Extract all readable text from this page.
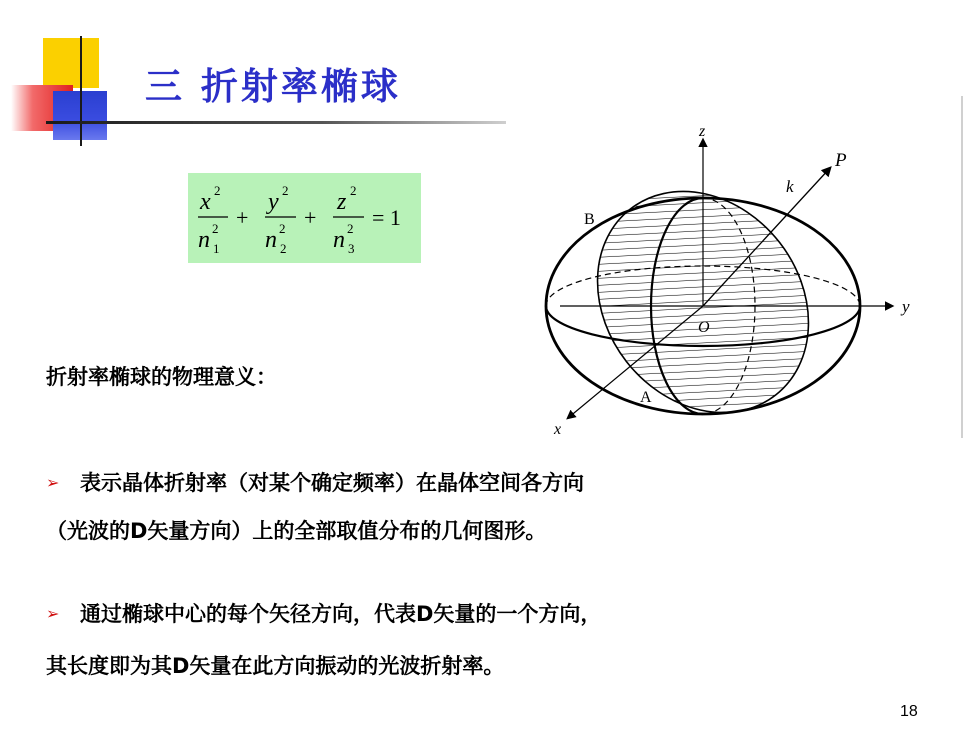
三 折射率椭球
x 2
n 2
1
+
y 2
n 2
2
+
z 2
n 2
3
= 1
z
P
k
B
y
O
A
x
折射率椭球的物理意义：
➢ 表示晶体折射率（对某个确定频率）在晶体空间各方向
（光波的D矢量方向）上的全部取值分布的几何图形。
➢ 通过椭球中心的每个矢径方向，代表D矢量的一个方向，
其长度即为其D矢量在此方向振动的光波折射率。
18
